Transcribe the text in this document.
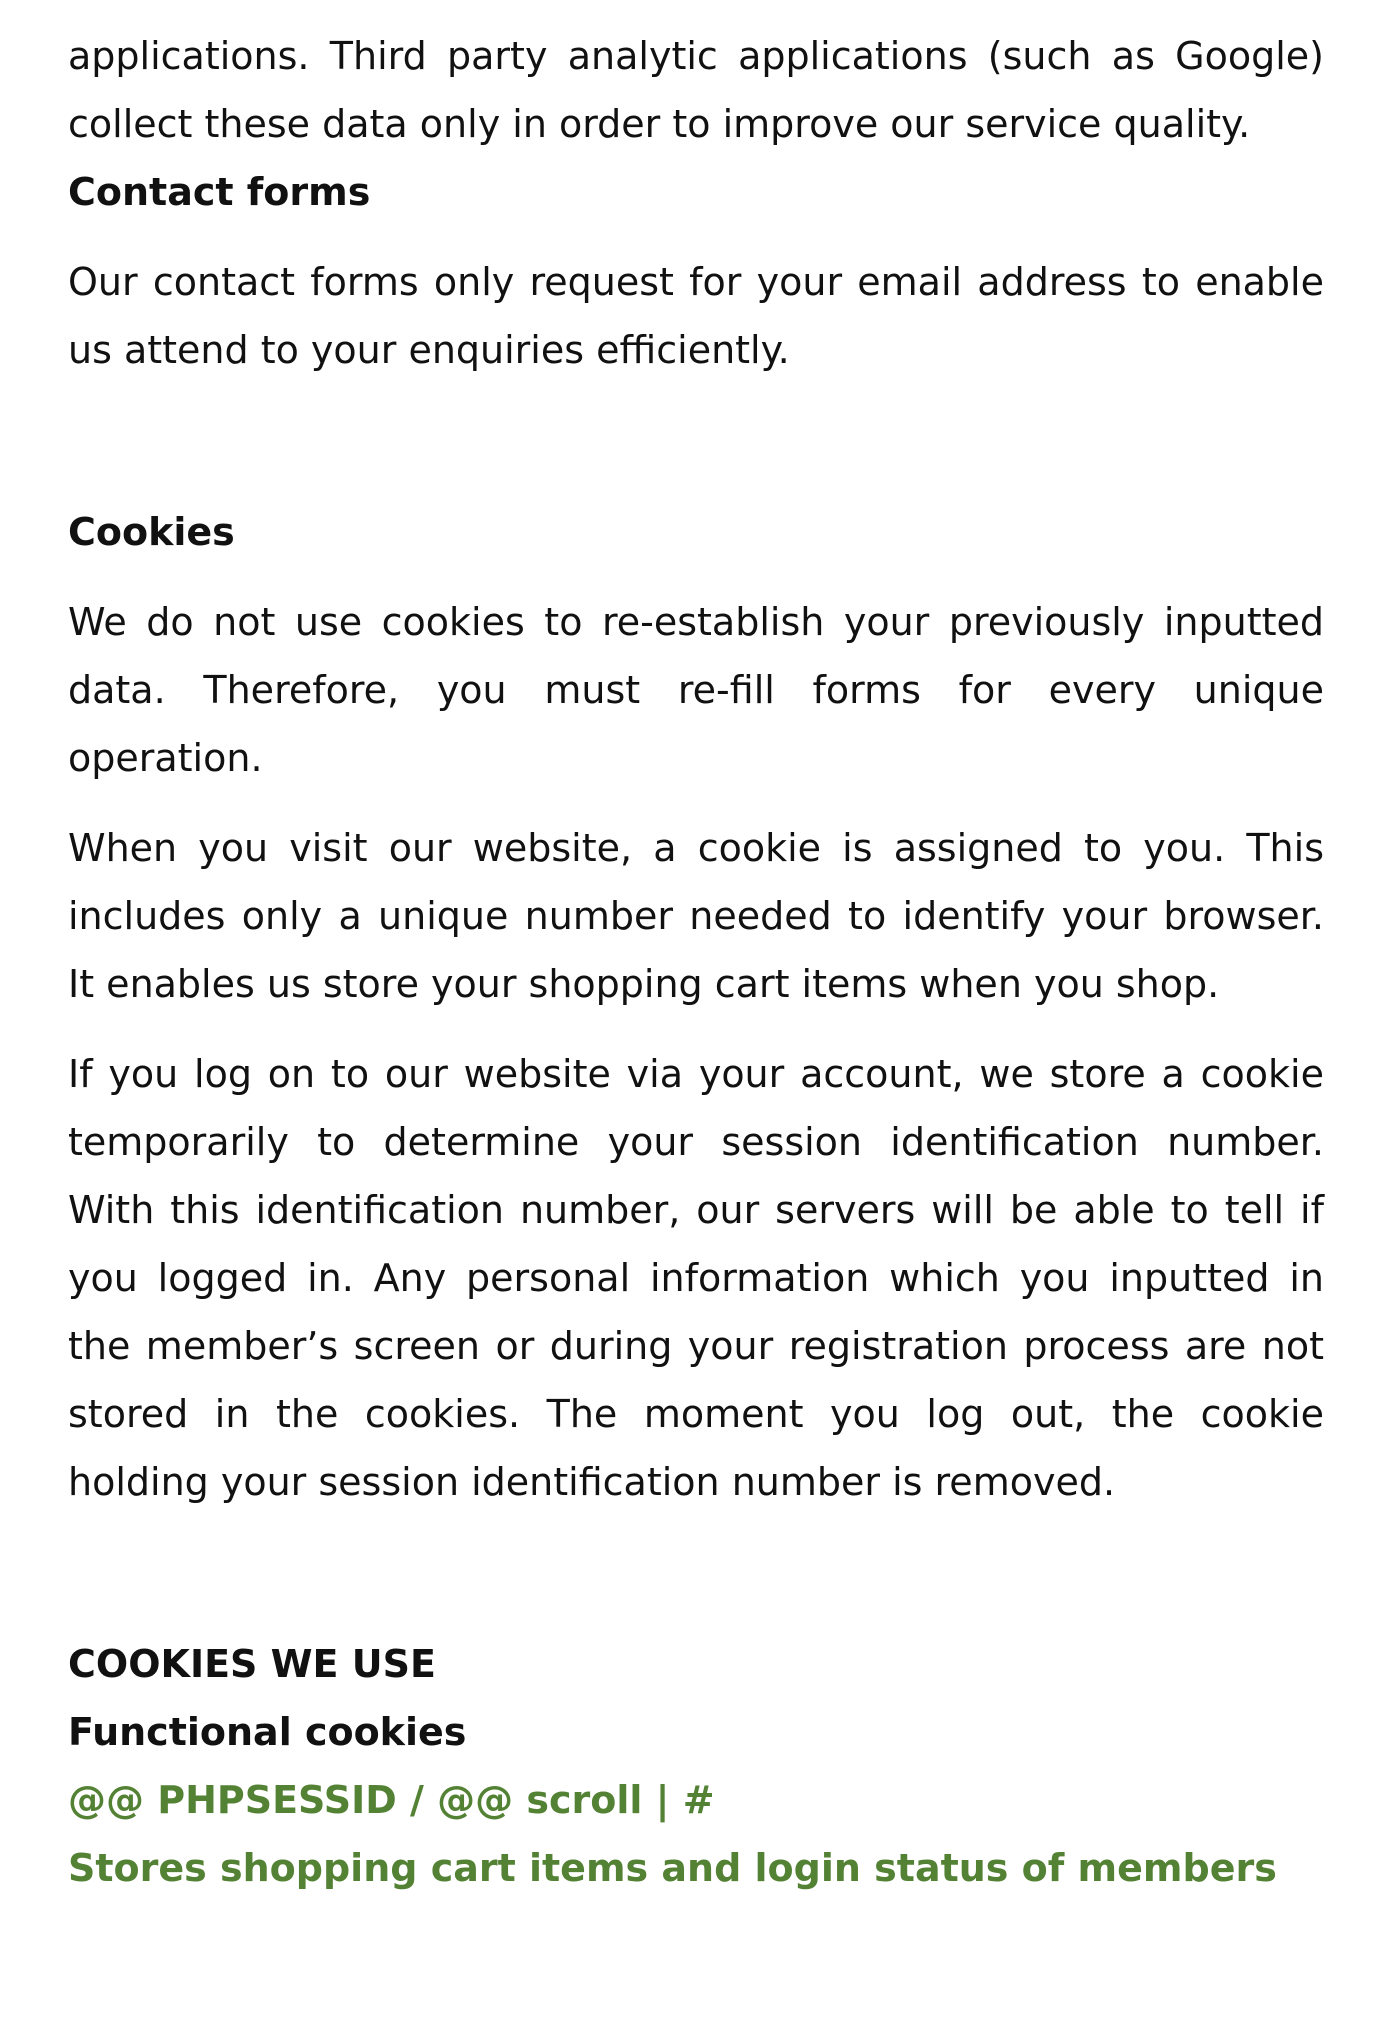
applications. Third party analytic applications (such as Google) collect these data only in order to improve our service quality.

Contact forms

Our contact forms only request for your email address to enable us attend to your enquiries efficiently.

Cookies

We do not use cookies to re-establish your previously inputted data. Therefore, you must re-fill forms for every unique operation.

When you visit our website, a cookie is assigned to you. This includes only a unique number needed to identify your browser. It enables us store your shopping cart items when you shop.

If you log on to our website via your account, we store a cookie temporarily to determine your session identification number. With this identification number, our servers will be able to tell if you logged in. Any personal information which you inputted in the member’s screen or during your registration process are not stored in the cookies. The moment you log out, the cookie holding your session identification number is removed.

COOKIES WE USE
Functional cookies
@@ PHPSESSID / @@ scroll | #
Stores shopping cart items and login status of members
